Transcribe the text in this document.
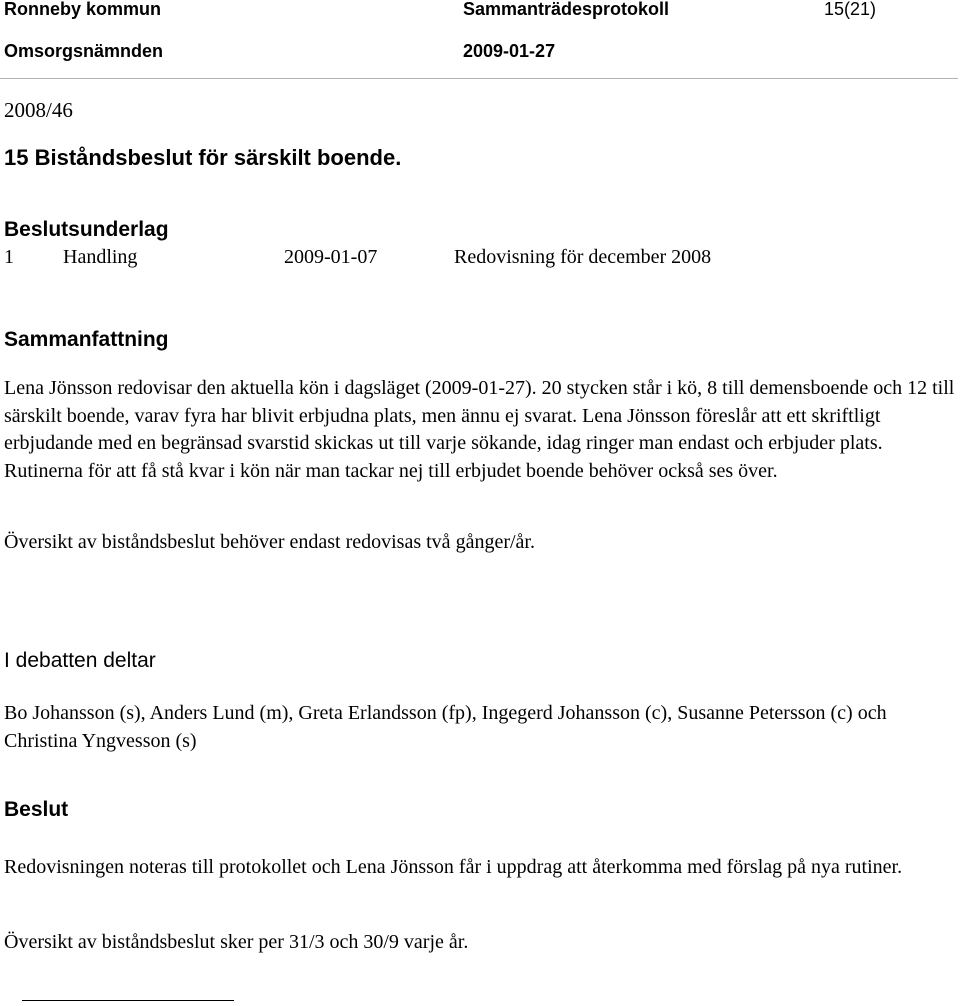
Ronneby kommun	Sammanträdesprotokoll	15(21)
Omsorgsnämnden	2009-01-27
2008/46
15 Biståndsbeslut för särskilt boende.
Beslutsunderlag
1 Handling	2009-01-07	Redovisning för december 2008
Sammanfattning
Lena Jönsson redovisar den aktuella kön i dagsläget (2009-01-27). 20 stycken står i kö, 8 till demensboende och 12 till särskilt boende, varav fyra har blivit erbjudna plats, men ännu ej svarat. Lena Jönsson föreslår att ett skriftligt erbjudande med en begränsad svarstid skickas ut till varje sökande, idag ringer man endast och erbjuder plats. Rutinerna för att få stå kvar i kön när man tackar nej till erbjudet boende behöver också ses över.
Översikt av biståndsbeslut behöver endast redovisas två gånger/år.
I debatten deltar
Bo Johansson (s), Anders Lund (m), Greta Erlandsson (fp), Ingegerd Johansson (c), Susanne Petersson (c) och Christina Yngvesson (s)
Beslut
Redovisningen noteras till protokollet och Lena Jönsson får i uppdrag att återkomma med förslag på nya rutiner.
Översikt av biståndsbeslut sker per 31/3 och 30/9 varje år.
